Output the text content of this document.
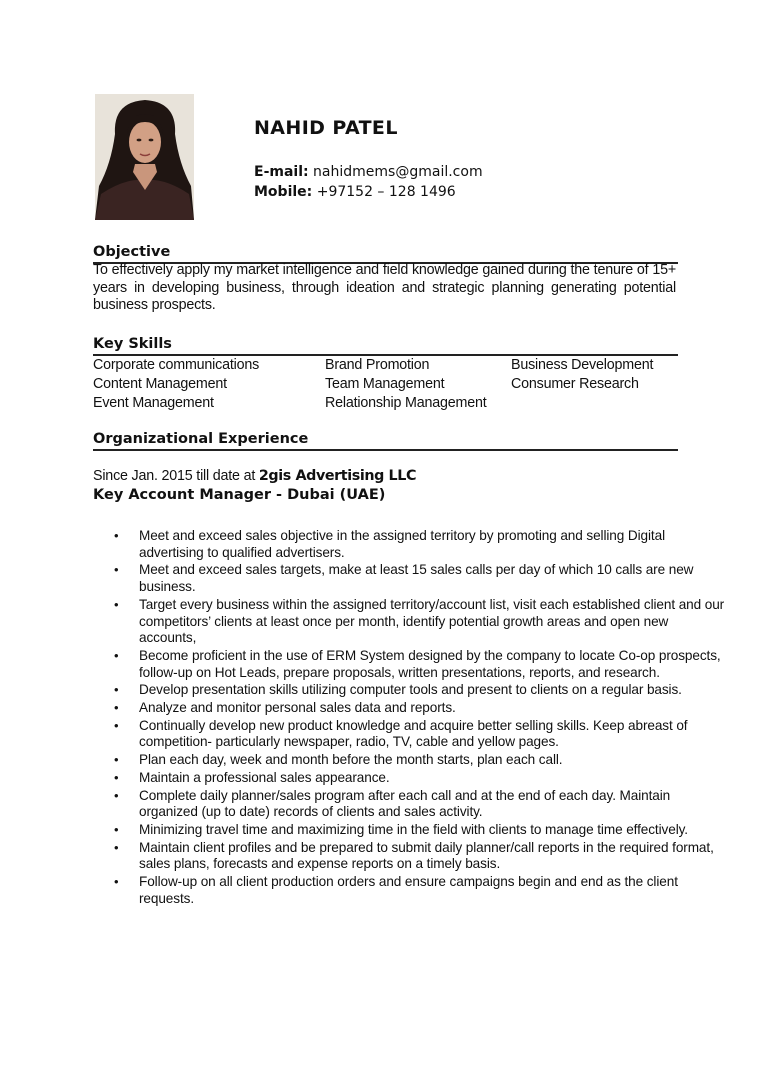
NAHID PATEL
E-mail: nahidmems@gmail.com
Mobile: +97152 – 128 1496
Objective
To effectively apply my market intelligence and field knowledge gained during the tenure of 15+ years in developing business, through ideation and strategic planning generating potential business prospects.
Key Skills
Corporate communications	Brand Promotion	Business Development
Content Management	Team Management	Consumer Research
Event Management	Relationship Management
Organizational Experience
Since Jan. 2015 till date at 2gis Advertising LLC
Key Account Manager - Dubai (UAE)
• Meet and exceed sales objective in the assigned territory by promoting and selling Digital advertising to qualified advertisers.
• Meet and exceed sales targets, make at least 15 sales calls per day of which 10 calls are new business.
• Target every business within the assigned territory/account list, visit each established client and our competitors’ clients at least once per month, identify potential growth areas and open new accounts,
• Become proficient in the use of ERM System designed by the company to locate Co-op prospects, follow-up on Hot Leads, prepare proposals, written presentations, reports, and research.
• Develop presentation skills utilizing computer tools and present to clients on a regular basis.
• Analyze and monitor personal sales data and reports.
• Continually develop new product knowledge and acquire better selling skills. Keep abreast of competition- particularly newspaper, radio, TV, cable and yellow pages.
• Plan each day, week and month before the month starts, plan each call.
• Maintain a professional sales appearance.
• Complete daily planner/sales program after each call and at the end of each day. Maintain organized (up to date) records of clients and sales activity.
• Minimizing travel time and maximizing time in the field with clients to manage time effectively.
• Maintain client profiles and be prepared to submit daily planner/call reports in the required format, sales plans, forecasts and expense reports on a timely basis.
• Follow-up on all client production orders and ensure campaigns begin and end as the client requests.
